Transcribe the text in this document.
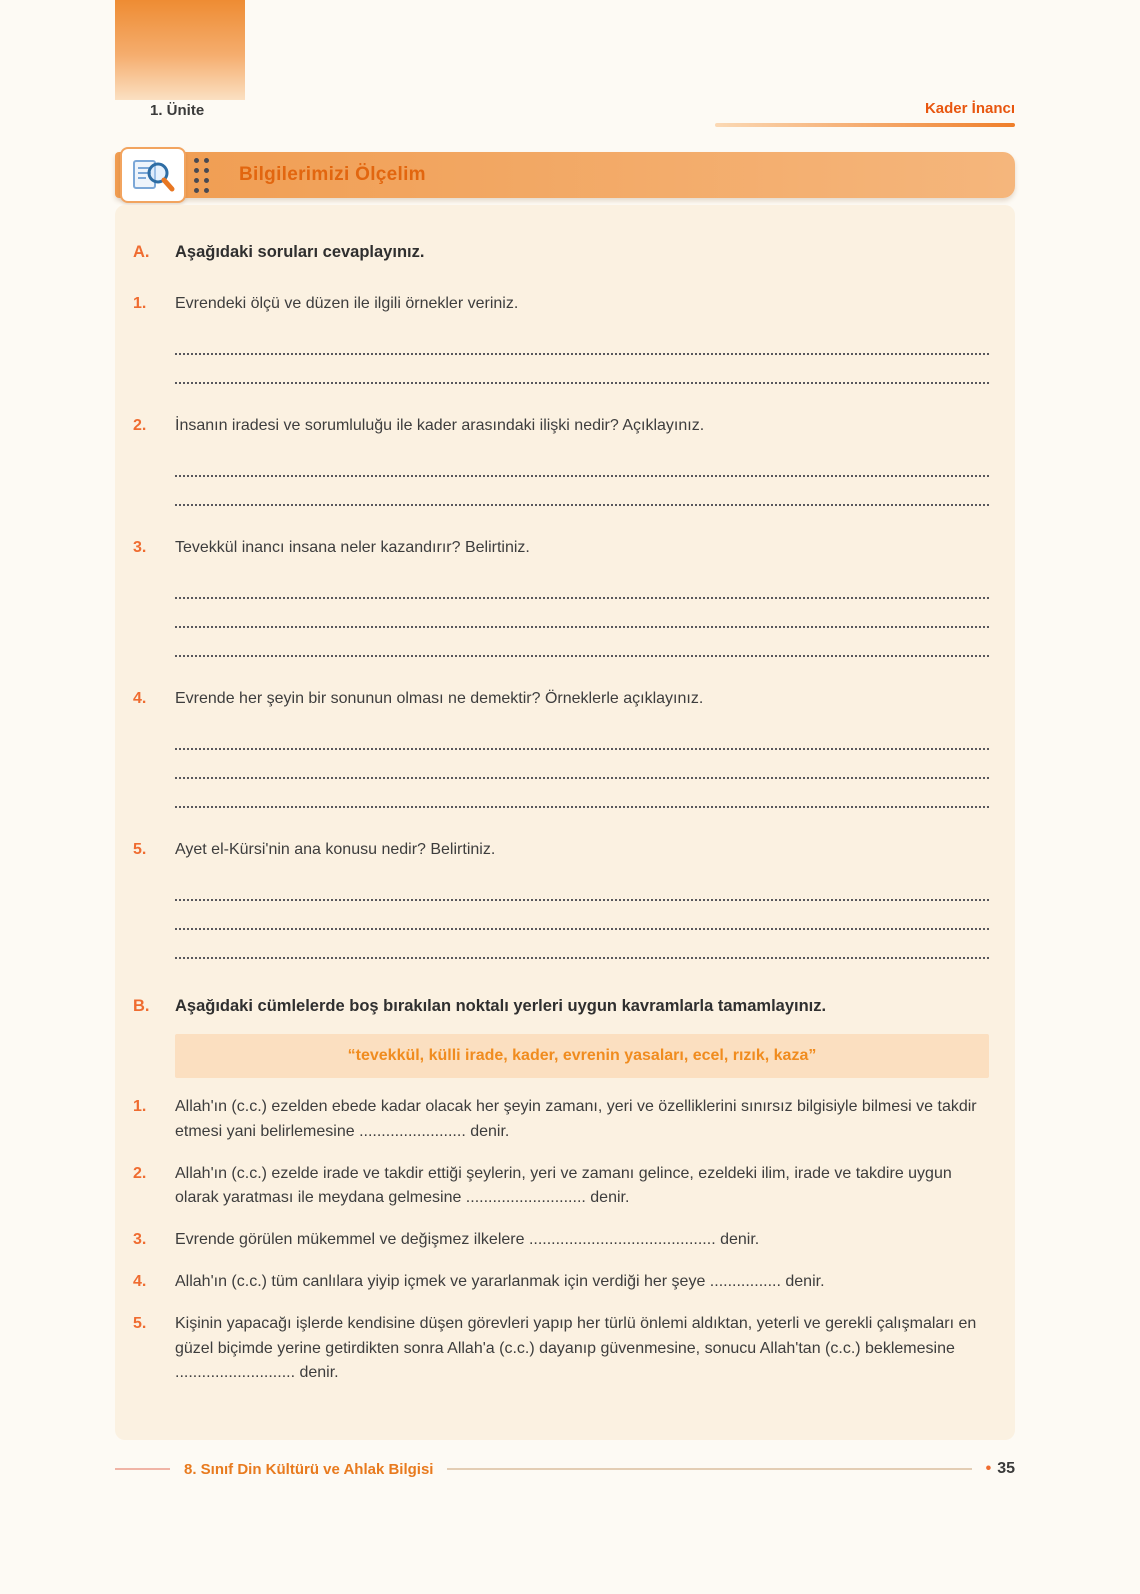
1. Ünite	Kader İnancı
Bilgilerimizi Ölçelim
A.	Aşağıdaki soruları cevaplayınız.
1.	Evrendeki ölçü ve düzen ile ilgili örnekler veriniz.
2.	İnsanın iradesi ve sorumluluğu ile kader arasındaki ilişki nedir? Açıklayınız.
3.	Tevekkül inancı insana neler kazandırır? Belirtiniz.
4.	Evrende her şeyin bir sonunun olması ne demektir? Örneklerle açıklayınız.
5.	Ayet el-Kürsi'nin ana konusu nedir? Belirtiniz.
B.	Aşağıdaki cümlelerde boş bırakılan noktalı yerleri uygun kavramlarla tamamlayınız.
“tevekkül, külli irade, kader, evrenin yasaları, ecel, rızık, kaza”
1.	Allah'ın (c.c.) ezelden ebede kadar olacak her şeyin zamanı, yeri ve özelliklerini sınırsız bilgisiyle bilmesi ve takdir etmesi yani belirlemesine ........................ denir.
2.	Allah'ın (c.c.) ezelde irade ve takdir ettiği şeylerin, yeri ve zamanı gelince, ezeldeki ilim, irade ve takdire uygun olarak yaratması ile meydana gelmesine ........................... denir.
3.	Evrende görülen mükemmel ve değişmez ilkelere .......................................... denir.
4.	Allah'ın (c.c.) tüm canlılara yiyip içmek ve yararlanmak için verdiği her şeye ................ denir.
5.	Kişinin yapacağı işlerde kendisine düşen görevleri yapıp her türlü önlemi aldıktan, yeterli ve gerekli çalışmaları en güzel biçimde yerine getirdikten sonra Allah'a (c.c.) dayanıp güvenmesine, sonucu Allah'tan (c.c.) beklemesine ........................... denir.
8. Sınıf Din Kültürü ve Ahlak Bilgisi	• 35
